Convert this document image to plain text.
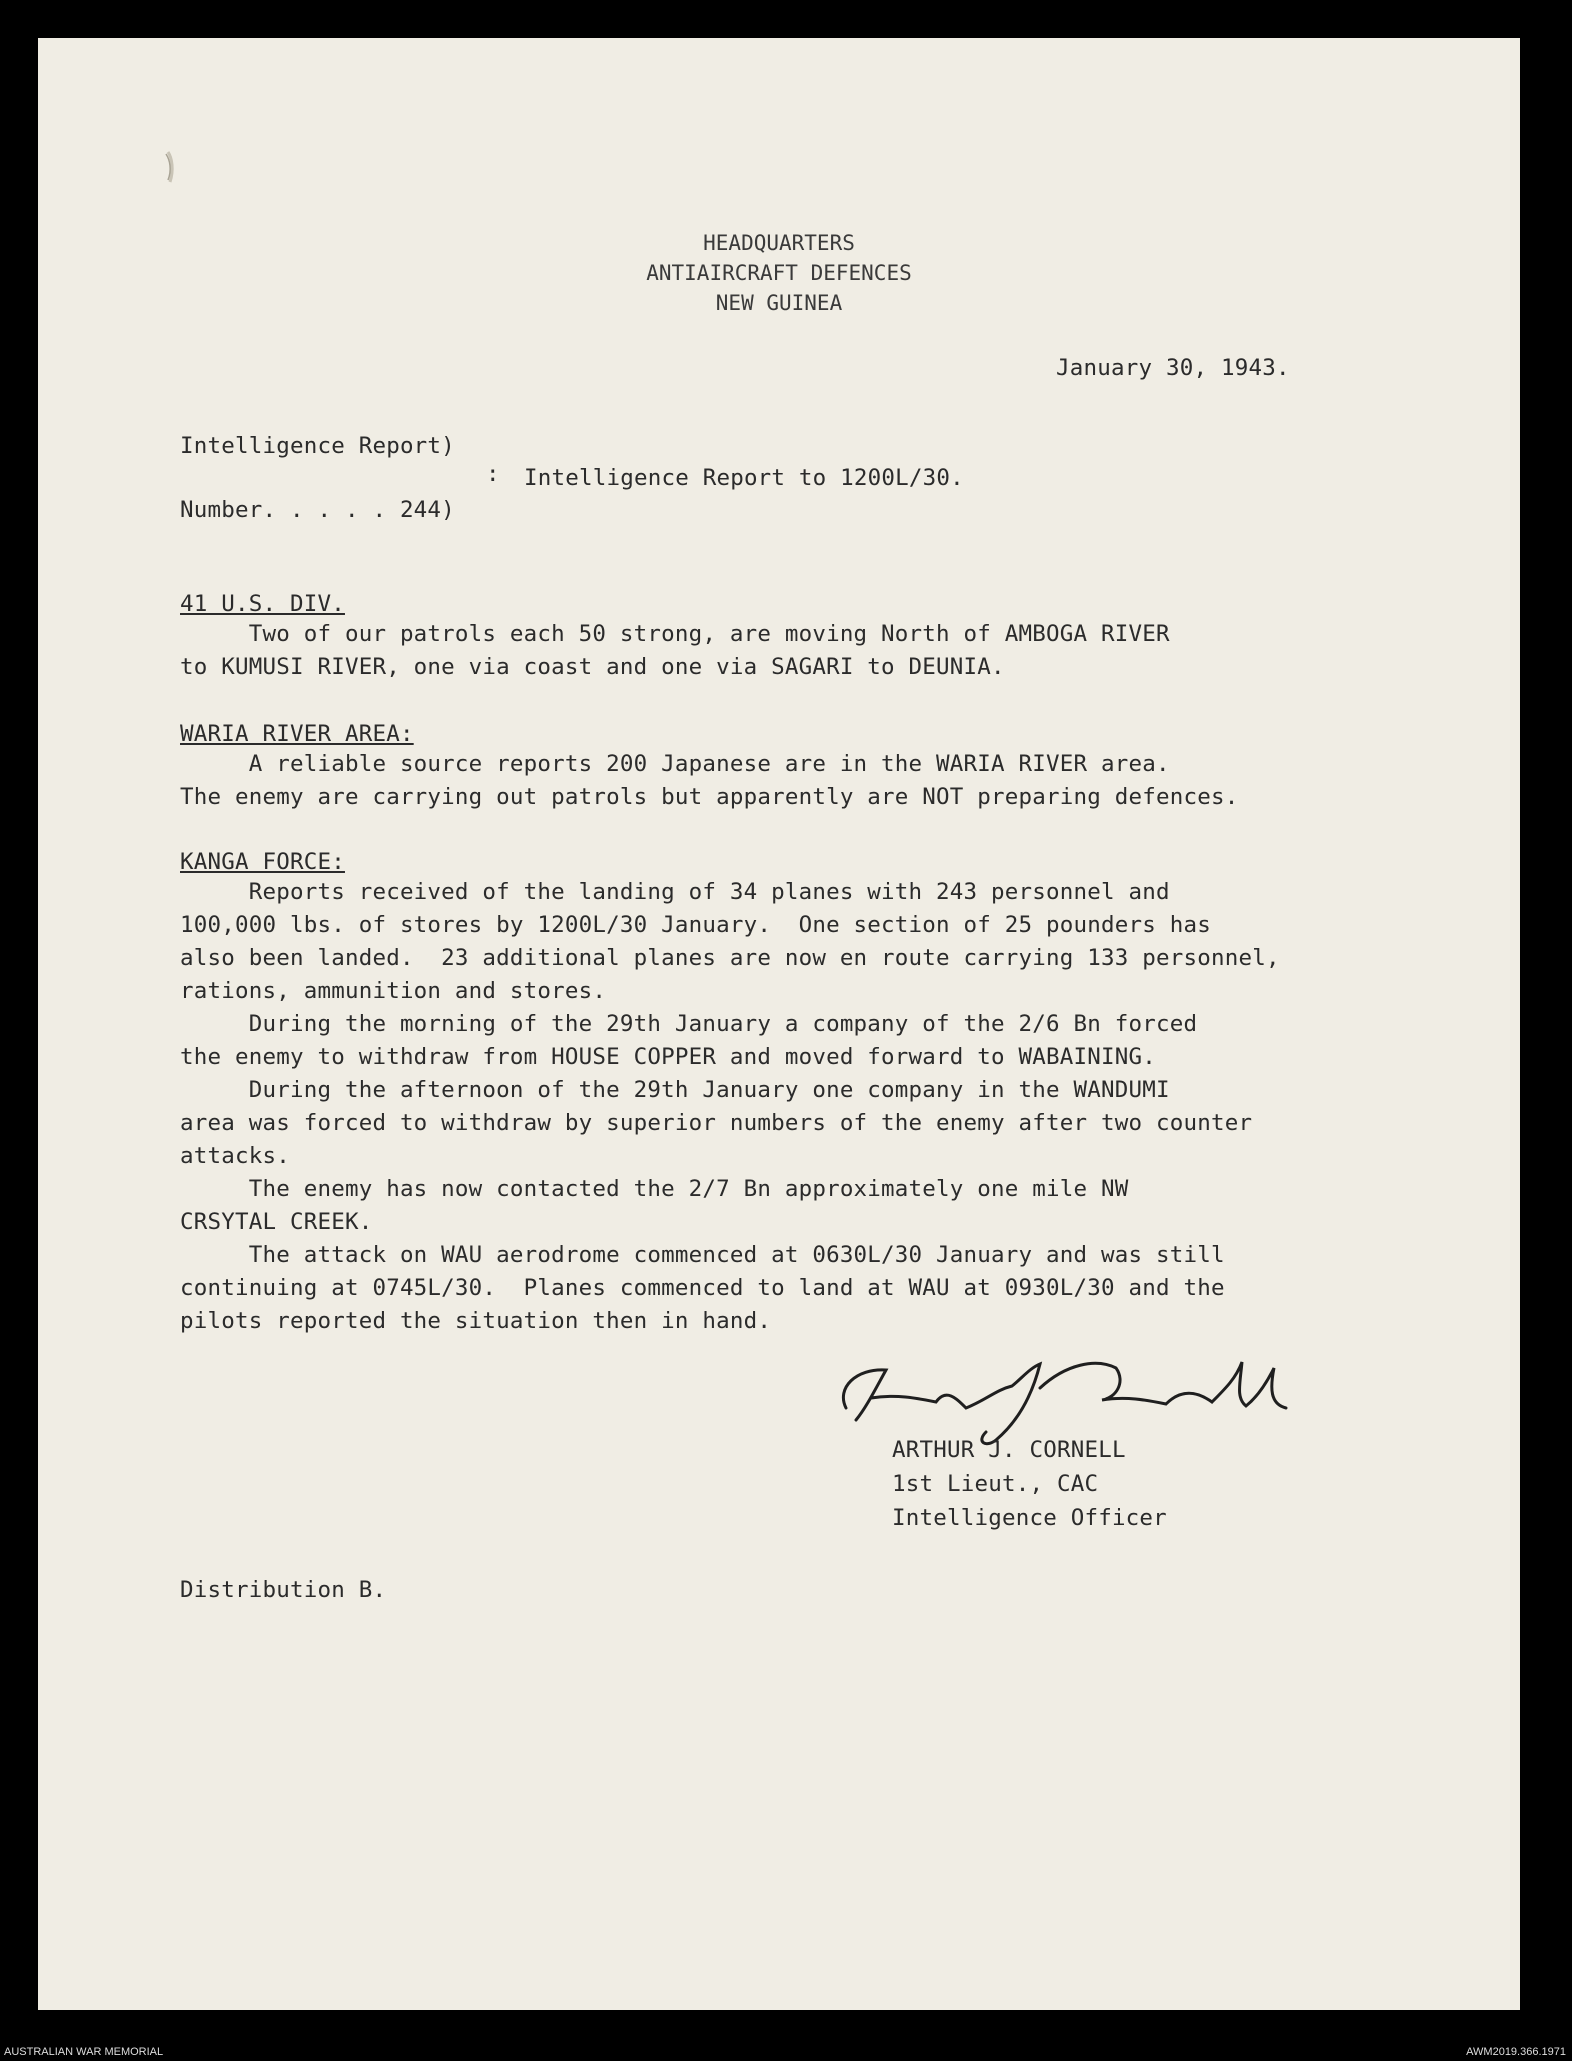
HEADQUARTERS
ANTIAIRCRAFT DEFENCES
NEW GUINEA
January 30, 1943.
Intelligence Report)
: Intelligence Report to 1200L/30.
Number. . . . . 244)
41 U.S. DIV.
Two of our patrols each 50 strong, are moving North of AMBOGA RIVER
to KUMUSI RIVER, one via coast and one via SAGARI to DEUNIA.
WARIA RIVER AREA:
A reliable source reports 200 Japanese are in the WARIA RIVER area.
The enemy are carrying out patrols but apparently are NOT preparing defences.
KANGA FORCE:
Reports received of the landing of 34 planes with 243 personnel and
100,000 lbs. of stores by 1200L/30 January.  One section of 25 pounders has
also been landed.  23 additional planes are now en route carrying 133 personnel,
rations, ammunition and stores.
During the morning of the 29th January a company of the 2/6 Bn forced
the enemy to withdraw from HOUSE COPPER and moved forward to WABAINING.
During the afternoon of the 29th January one company in the WANDUMI
area was forced to withdraw by superior numbers of the enemy after two counter
attacks.
The enemy has now contacted the 2/7 Bn approximately one mile NW
CRSYTAL CREEK.
The attack on WAU aerodrome commenced at 0630L/30 January and was still
continuing at 0745L/30.  Planes commenced to land at WAU at 0930L/30 and the
pilots reported the situation then in hand.
ARTHUR J. CORNELL
1st Lieut., CAC
Intelligence Officer
Distribution B.
AUSTRALIAN WAR MEMORIAL	AWM2019.366.1971
